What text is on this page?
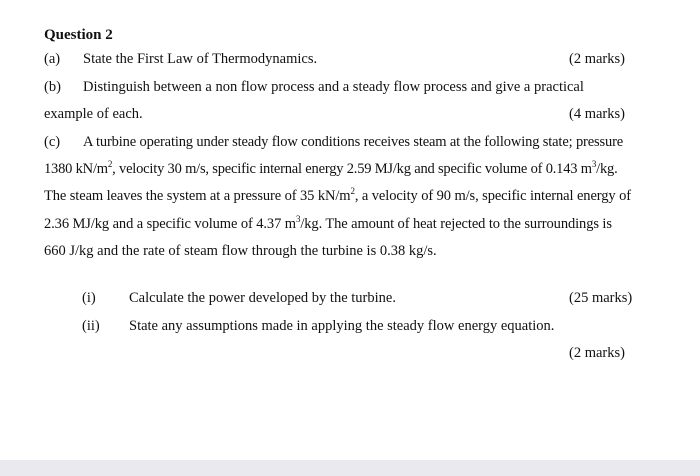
Question 2
(a) State the First Law of Thermodynamics.	(2 marks)
(b) Distinguish between a non flow process and a steady flow process and give a practical
example of each.	(4 marks)
(c) A turbine operating under steady flow conditions receives steam at the following state; pressure
1380 $kN/m^2$, velocity 30 m/s, specific internal energy 2.59 MJ/kg and specific volume of 0.143 $m^3/kg$.
The steam leaves the system at a pressure of 35 $kN/m^2$, a velocity of 90 m/s, specific internal energy of
2.36 MJ/kg and a specific volume of 4.37 $m^3/kg$. The amount of heat rejected to the surroundings is
660 J/kg and the rate of steam flow through the turbine is 0.38 kg/s.
(i) Calculate the power developed by the turbine.	(25 marks)
(ii) State any assumptions made in applying the steady flow energy equation.
(2 marks)
